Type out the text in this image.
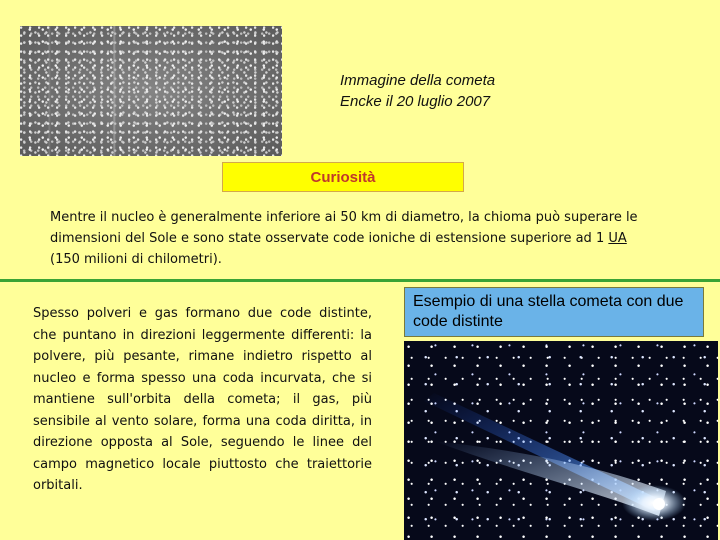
Immagine della cometa
Encke il 20 luglio 2007
Curiosità
Mentre il nucleo è generalmente inferiore ai 50 km di diametro, la chioma può superare le dimensioni del Sole e sono state osservate code ioniche di estensione superiore ad 1 UA (150 milioni di chilometri).
Spesso polveri e gas formano due code distinte, che puntano in direzioni leggermente differenti: la polvere, più pesante, rimane indietro rispetto al nucleo e forma spesso una coda incurvata, che si mantiene sull'orbita della cometa; il gas, più sensibile al vento solare, forma una coda diritta, in direzione opposta al Sole, seguendo le linee del campo magnetico locale piuttosto che traiettorie orbitali.
Esempio di una stella cometa con due code distinte
